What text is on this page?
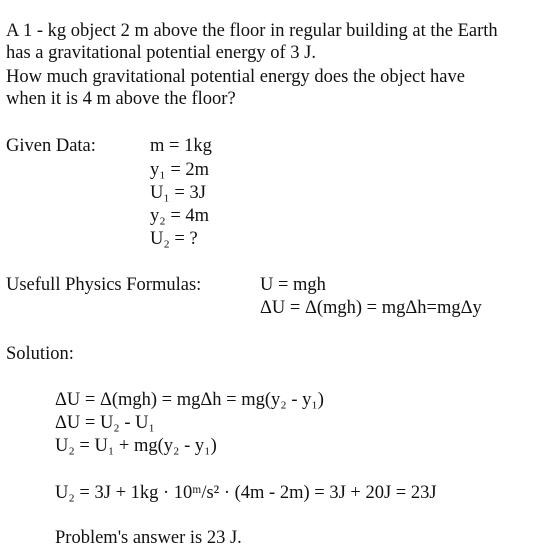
A 1 - kg object 2 m above the floor in regular building at the Earth
has a gravitational potential energy of 3 J.
How much gravitational potential energy does the object have
when it is 4 m above the floor?
Given Data:	m = 1kg
y₁ = 2m
U₁ = 3J
y₂ = 4m
U₂ = ?
Usefull Physics Formulas:	U = mgh
ΔU = Δ(mgh) = mgΔh=mgΔy
Solution:
ΔU = Δ(mgh) = mgΔh = mg(y₂ - y₁)
ΔU = U₂ - U₁
U₂ = U₁ + mg(y₂ - y₁)
U₂ = 3J + 1kg · 10ᵐ/s² · (4m - 2m) = 3J + 20J = 23J
Problem's answer is 23 J.
